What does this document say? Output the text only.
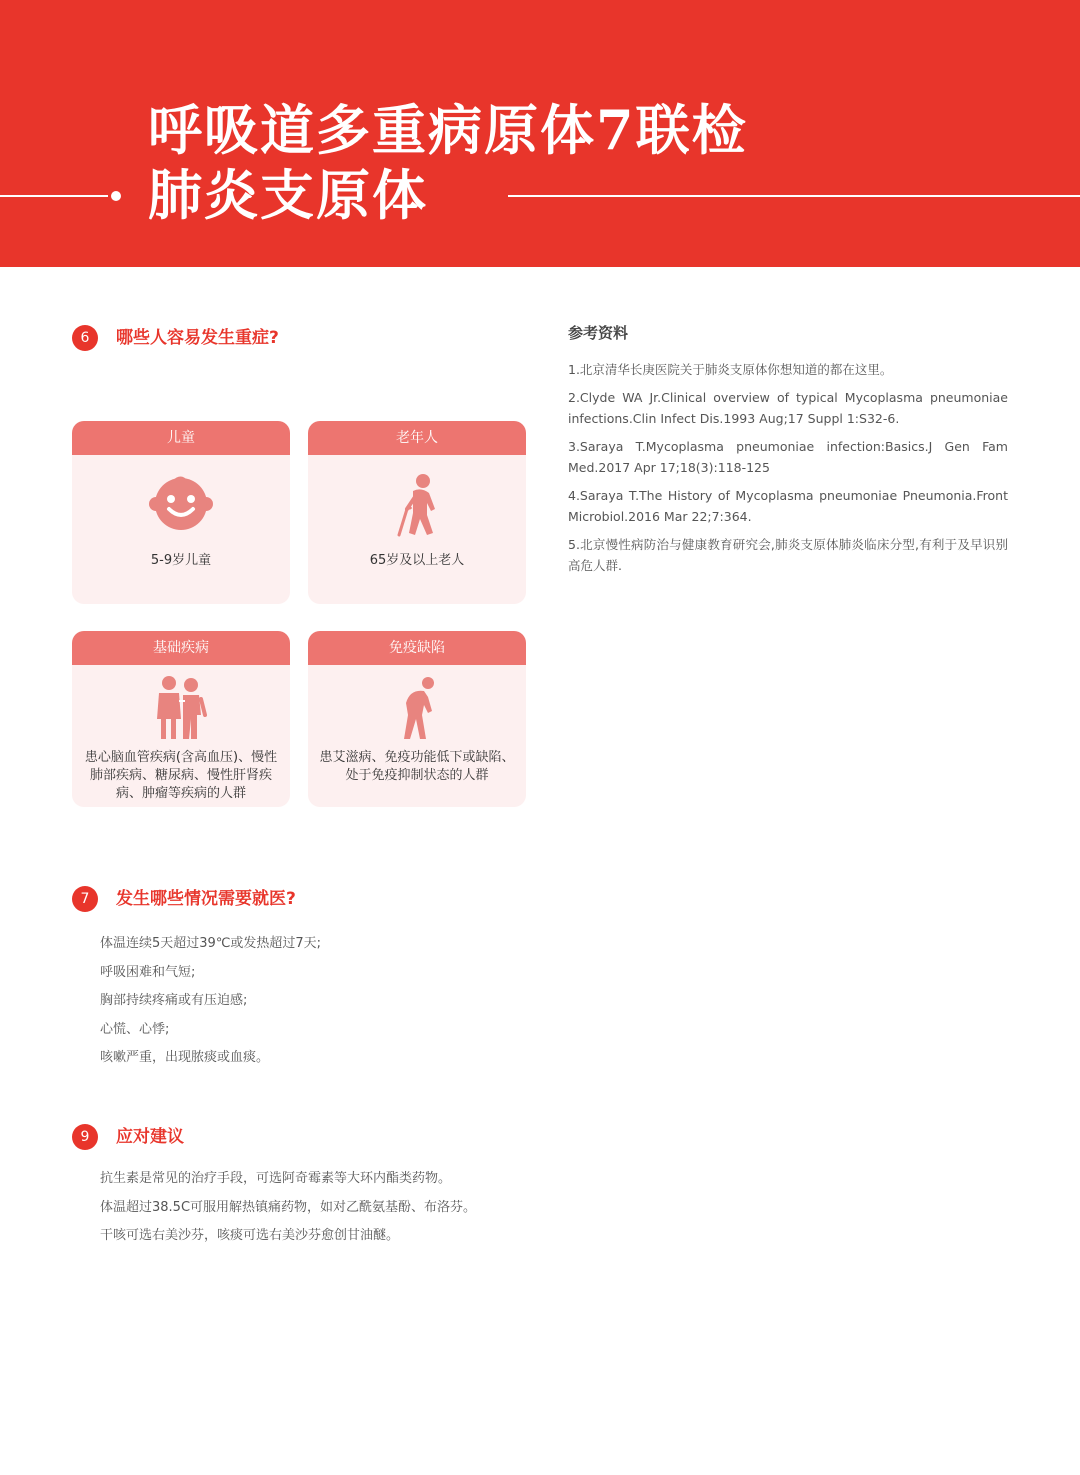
呼吸道多重病原体7联检
肺炎支原体
6	哪些人容易发生重症?
儿童
5-9岁儿童
老年人
65岁及以上老人
基础疾病
患心脑血管疾病(含高血压)、慢性肺部疾病、糖尿病、慢性肝肾疾病、肿瘤等疾病的人群
免疫缺陷
患艾滋病、免疫功能低下或缺陷、处于免疫抑制状态的人群
7	发生哪些情况需要就医?
体温连续5天超过39℃或发热超过7天;
呼吸困难和气短;
胸部持续疼痛或有压迫感;
心慌、心悸;
咳嗽严重，出现脓痰或血痰。
9	应对建议
抗生素是常见的治疗手段，可选阿奇霉素等大环内酯类药物。
体温超过38.5C可服用解热镇痛药物，如对乙酰氨基酚、布洛芬。
干咳可选右美沙芬，咳痰可选右美沙芬愈创甘油醚。
参考资料
1.北京清华长庚医院关于肺炎支原体你想知道的都在这里。
2.Clyde WA Jr.Clinical overview of typical Mycoplasma pneumoniae infections.Clin Infect Dis.1993 Aug;17 Suppl 1:S32-6.
3.Saraya T.Mycoplasma pneumoniae infection:Basics.J Gen Fam Med.2017 Apr 17;18(3):118-125
4.Saraya T.The History of Mycoplasma pneumoniae Pneumonia.Front Microbiol.2016 Mar 22;7:364.
5.北京慢性病防治与健康教育研究会,肺炎支原体肺炎临床分型,有利于及早识别高危人群.
